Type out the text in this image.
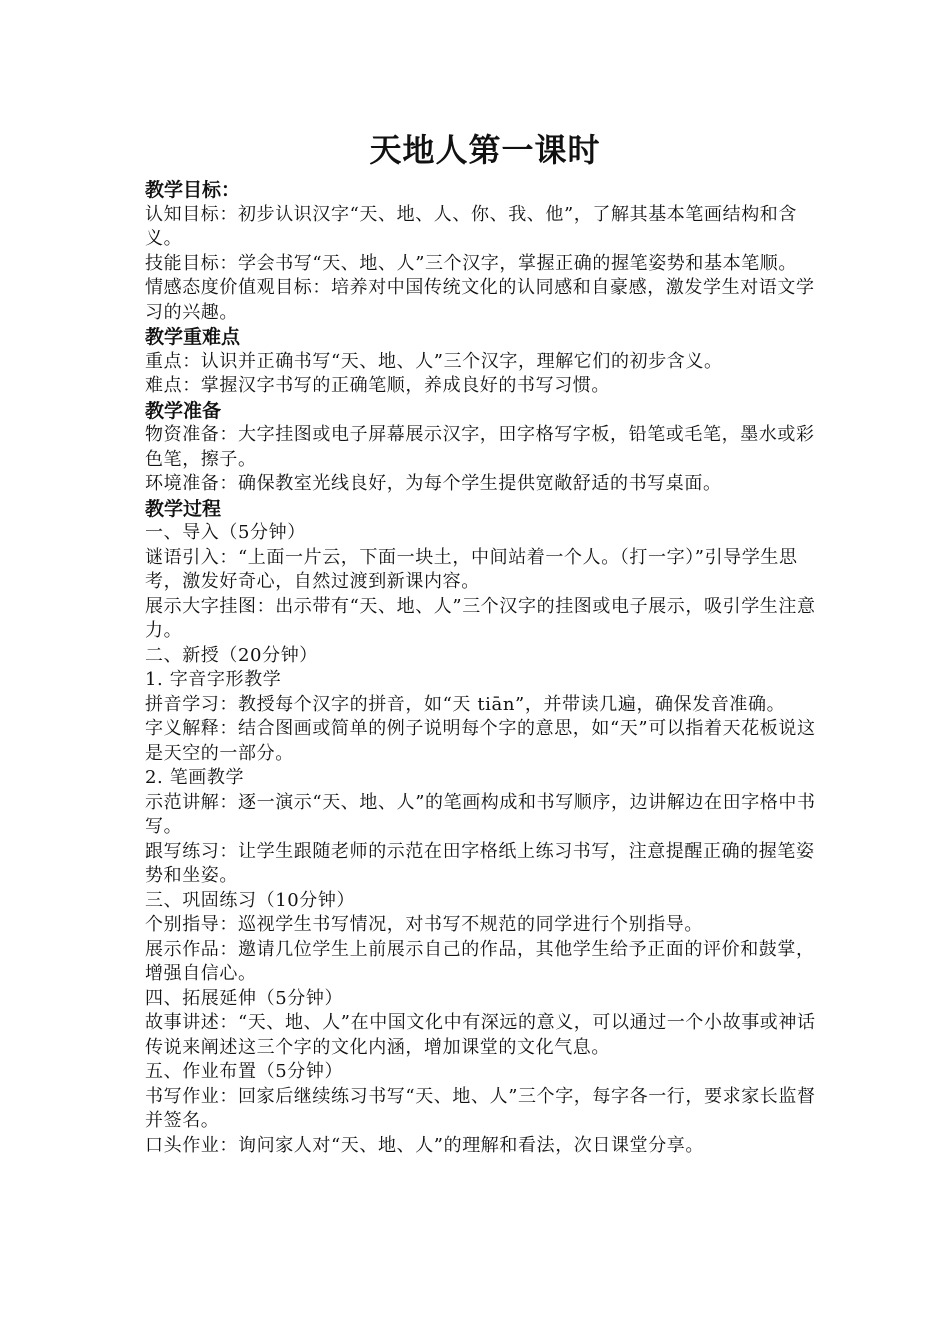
天地人第一课时
教学目标：
认知目标：初步认识汉字“天、地、人、你、我、他”，了解其基本笔画结构和含义。
技能目标：学会书写“天、地、人”三个汉字，掌握正确的握笔姿势和基本笔顺。
情感态度价值观目标：培养对中国传统文化的认同感和自豪感，激发学生对语文学习的兴趣。
教学重难点
重点：认识并正确书写“天、地、人”三个汉字，理解它们的初步含义。
难点：掌握汉字书写的正确笔顺，养成良好的书写习惯。
教学准备
物资准备：大字挂图或电子屏幕展示汉字，田字格写字板，铅笔或毛笔，墨水或彩色笔，擦子。
环境准备：确保教室光线良好，为每个学生提供宽敞舒适的书写桌面。
教学过程
一、导入（5分钟）
谜语引入：“上面一片云，下面一块土，中间站着一个人。（打一字）”引导学生思考，激发好奇心，自然过渡到新课内容。
展示大字挂图：出示带有“天、地、人”三个汉字的挂图或电子展示，吸引学生注意力。
二、新授（20分钟）
1. 字音字形教学
拼音学习：教授每个汉字的拼音，如“天 tiān”，并带读几遍，确保发音准确。
字义解释：结合图画或简单的例子说明每个字的意思，如“天”可以指着天花板说这是天空的一部分。
2. 笔画教学
示范讲解：逐一演示“天、地、人”的笔画构成和书写顺序，边讲解边在田字格中书写。
跟写练习：让学生跟随老师的示范在田字格纸上练习书写，注意提醒正确的握笔姿势和坐姿。
三、巩固练习（10分钟）
个别指导：巡视学生书写情况，对书写不规范的同学进行个别指导。
展示作品：邀请几位学生上前展示自己的作品，其他学生给予正面的评价和鼓掌，增强自信心。
四、拓展延伸（5分钟）
故事讲述：“天、地、人”在中国文化中有深远的意义，可以通过一个小故事或神话传说来阐述这三个字的文化内涵，增加课堂的文化气息。
五、作业布置（5分钟）
书写作业：回家后继续练习书写“天、地、人”三个字，每字各一行，要求家长监督并签名。
口头作业：询问家人对“天、地、人”的理解和看法，次日课堂分享。
